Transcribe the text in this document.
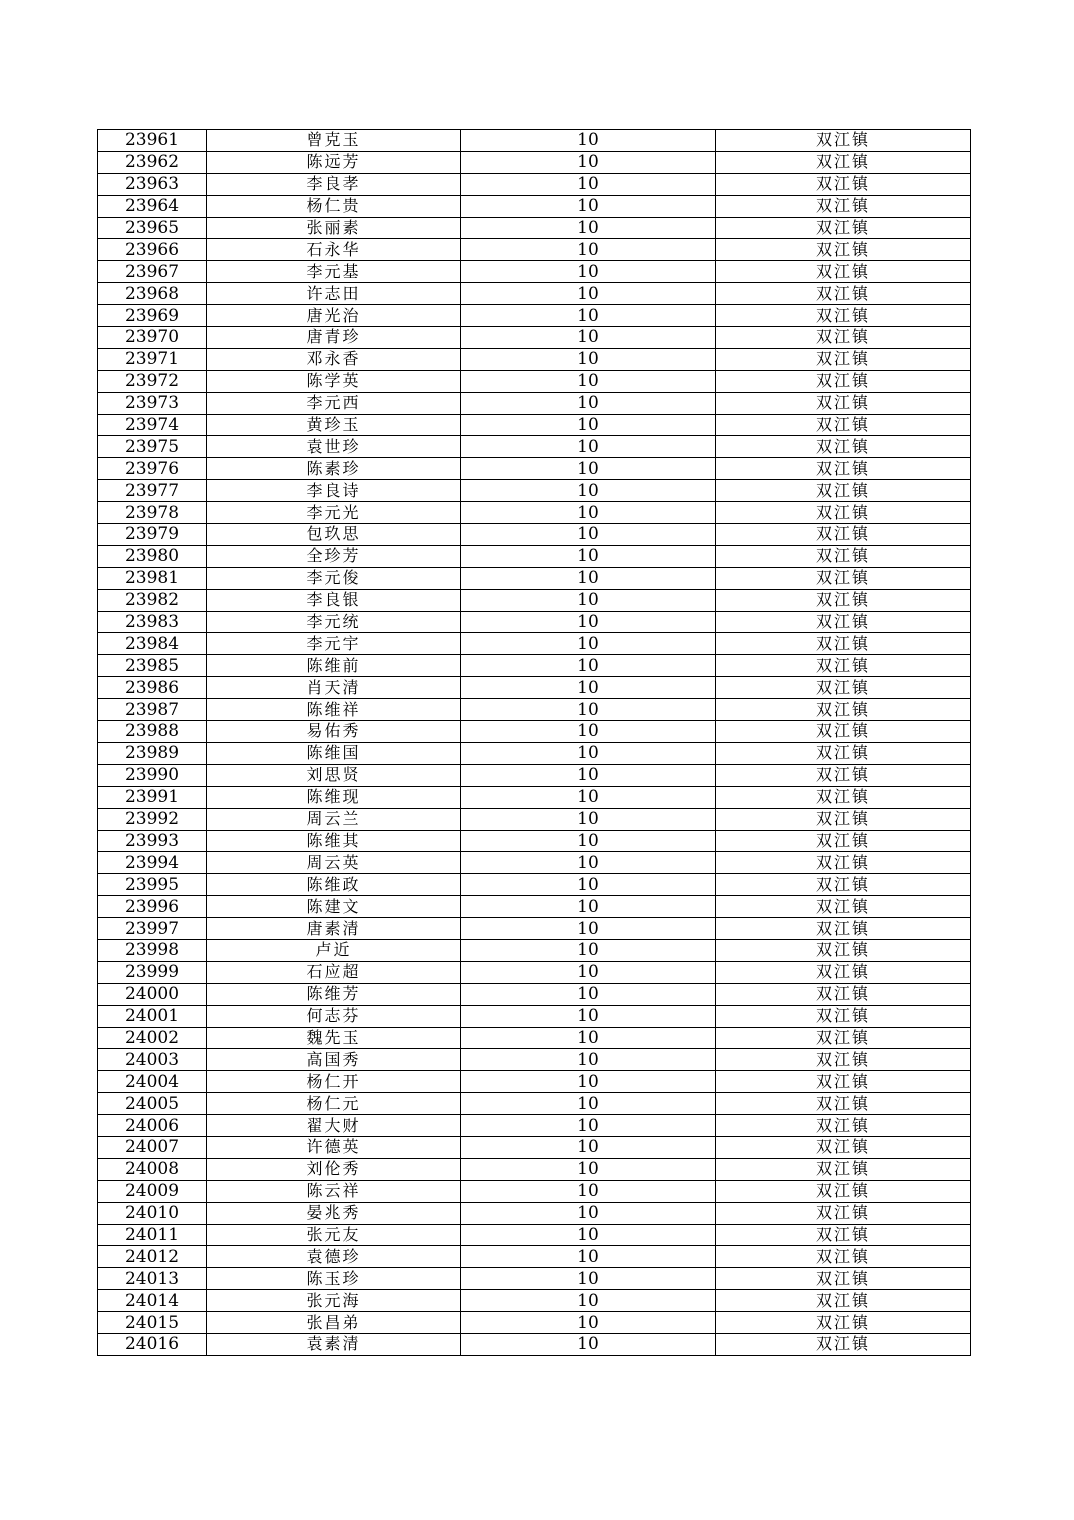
23961	曾克玉	10	双江镇
23962	陈远芳	10	双江镇
23963	李良孝	10	双江镇
23964	杨仁贵	10	双江镇
23965	张丽素	10	双江镇
23966	石永华	10	双江镇
23967	李元基	10	双江镇
23968	许志田	10	双江镇
23969	唐光治	10	双江镇
23970	唐青珍	10	双江镇
23971	邓永香	10	双江镇
23972	陈学英	10	双江镇
23973	李元西	10	双江镇
23974	黄珍玉	10	双江镇
23975	袁世珍	10	双江镇
23976	陈素珍	10	双江镇
23977	李良诗	10	双江镇
23978	李元光	10	双江镇
23979	包玖思	10	双江镇
23980	全珍芳	10	双江镇
23981	李元俊	10	双江镇
23982	李良银	10	双江镇
23983	李元统	10	双江镇
23984	李元宇	10	双江镇
23985	陈维前	10	双江镇
23986	肖天清	10	双江镇
23987	陈维祥	10	双江镇
23988	易佑秀	10	双江镇
23989	陈维国	10	双江镇
23990	刘思贤	10	双江镇
23991	陈维现	10	双江镇
23992	周云兰	10	双江镇
23993	陈维其	10	双江镇
23994	周云英	10	双江镇
23995	陈维政	10	双江镇
23996	陈建文	10	双江镇
23997	唐素清	10	双江镇
23998	卢近	10	双江镇
23999	石应超	10	双江镇
24000	陈维芳	10	双江镇
24001	何志芬	10	双江镇
24002	魏先玉	10	双江镇
24003	高国秀	10	双江镇
24004	杨仁开	10	双江镇
24005	杨仁元	10	双江镇
24006	翟大财	10	双江镇
24007	许德英	10	双江镇
24008	刘伦秀	10	双江镇
24009	陈云祥	10	双江镇
24010	晏兆秀	10	双江镇
24011	张元友	10	双江镇
24012	袁德珍	10	双江镇
24013	陈玉珍	10	双江镇
24014	张元海	10	双江镇
24015	张昌弟	10	双江镇
24016	袁素清	10	双江镇
